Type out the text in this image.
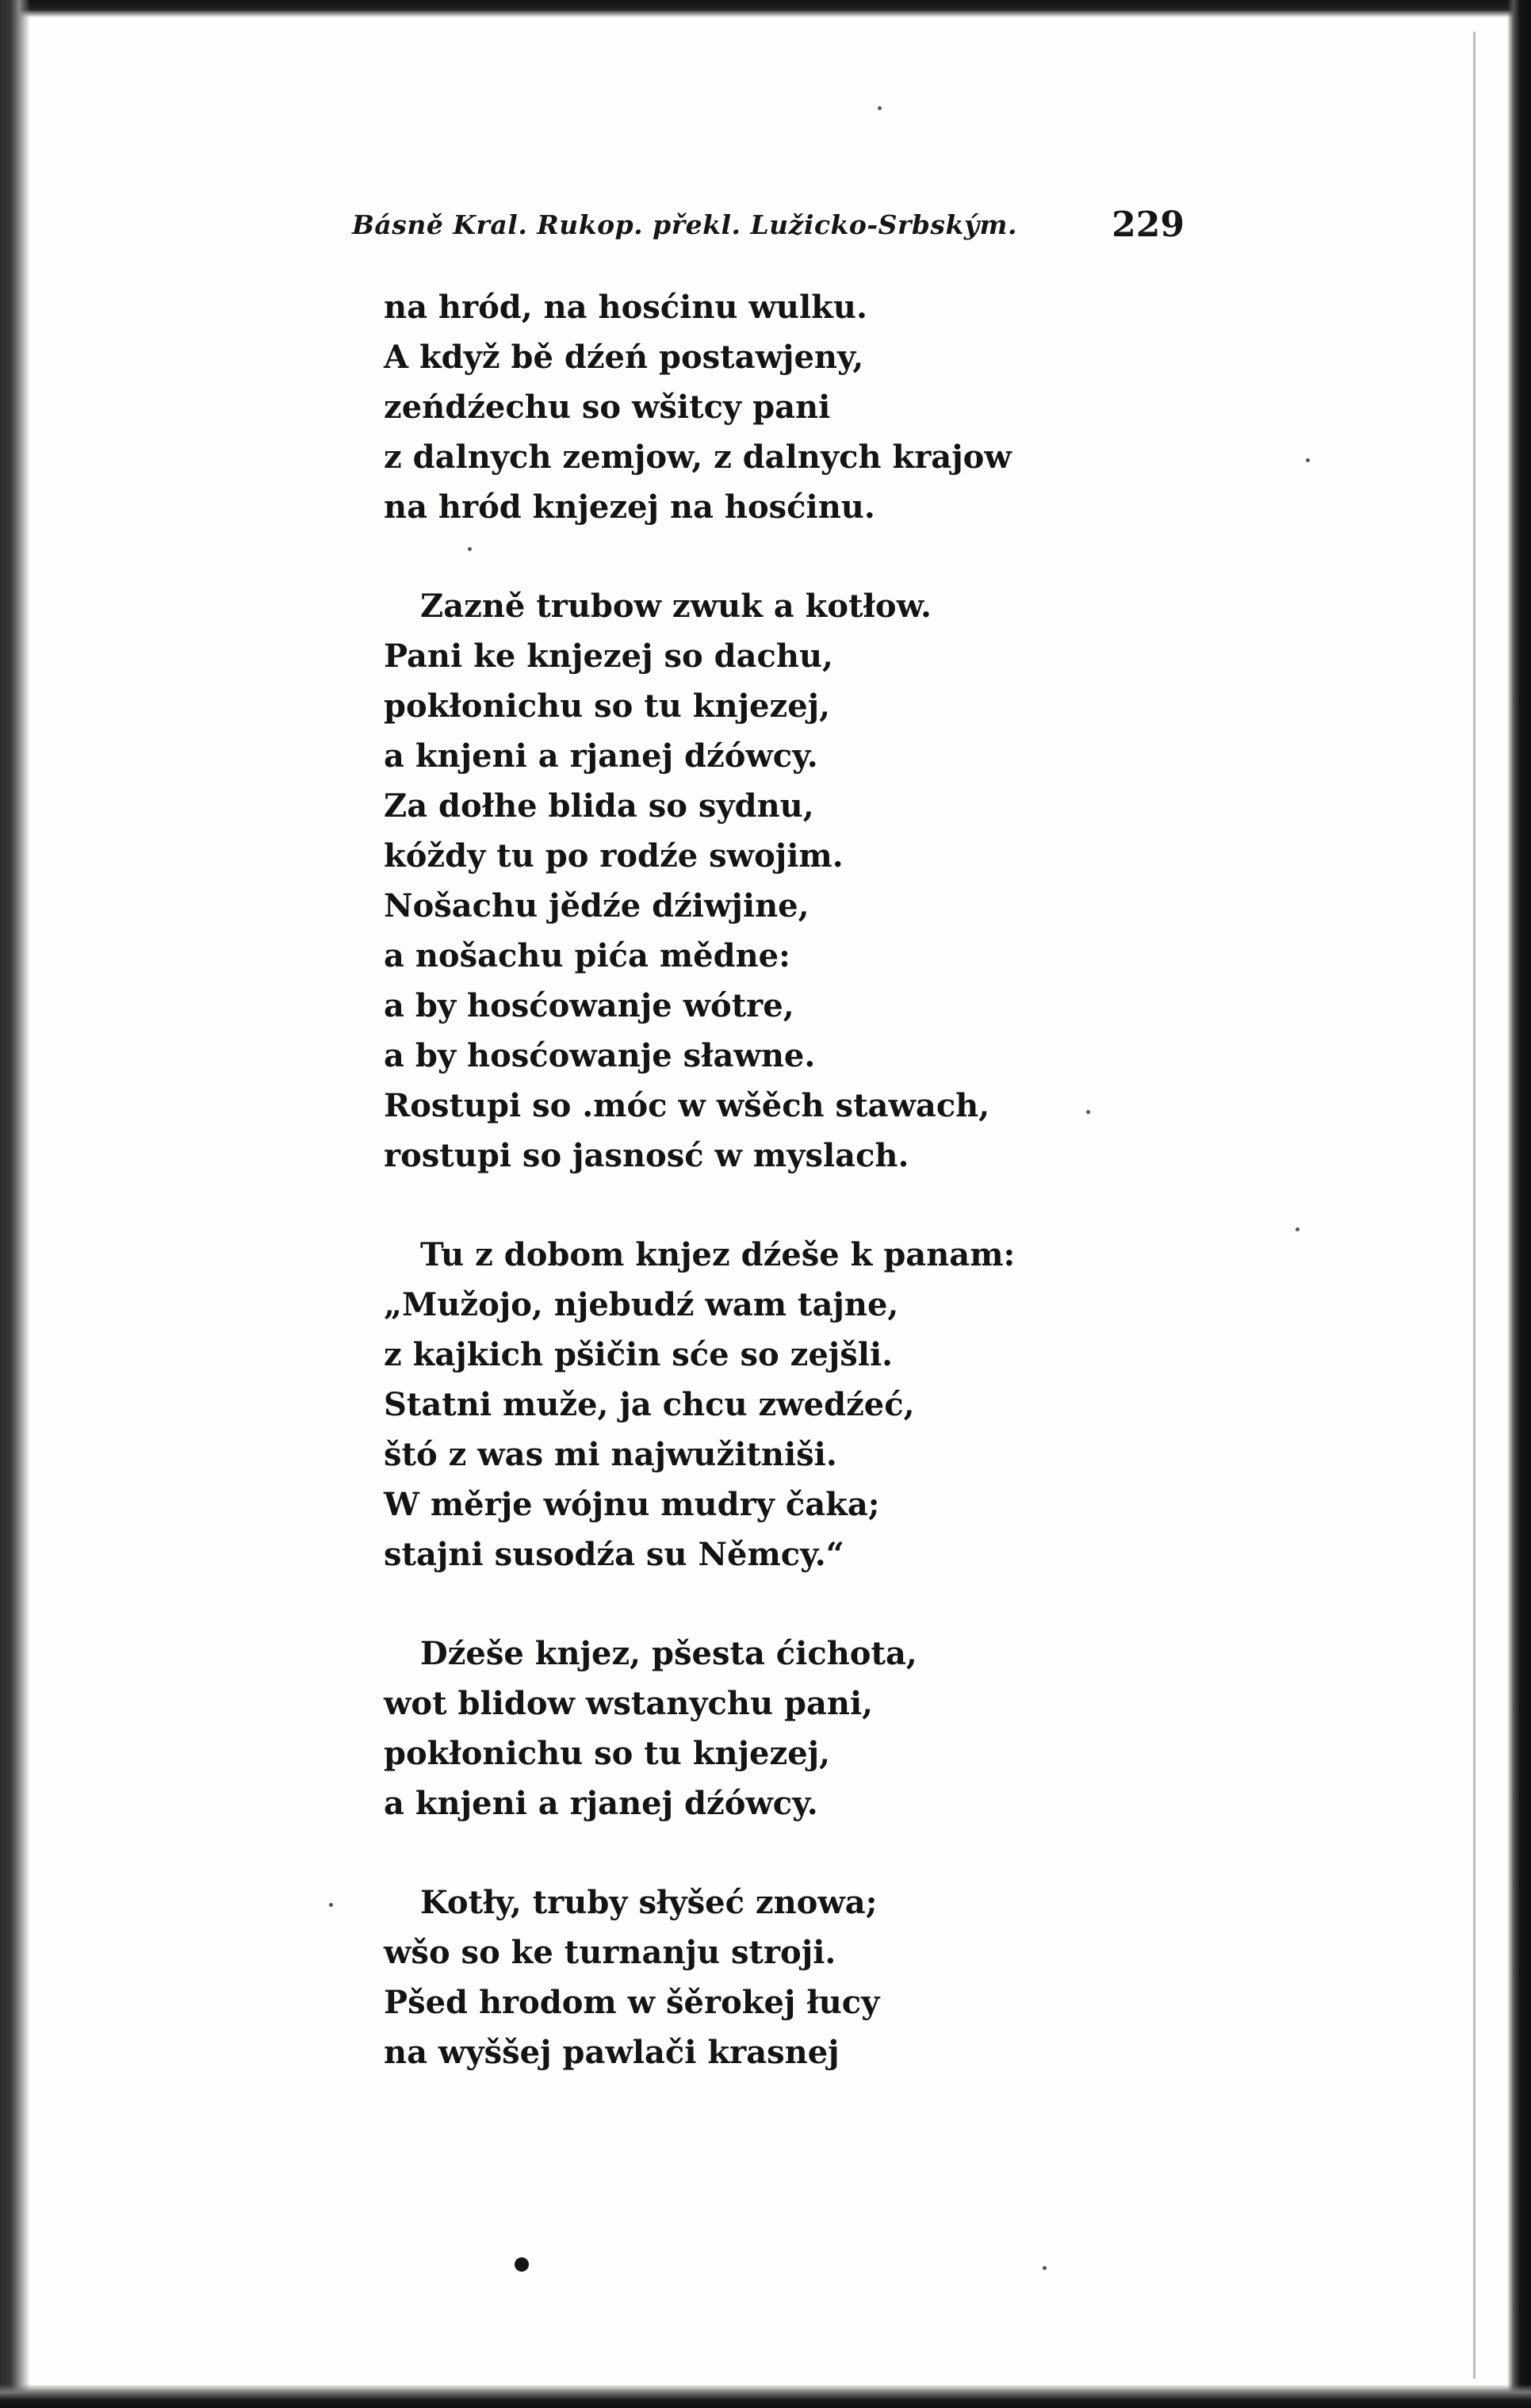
Básně Kral. Rukop. překl. Lužicko-Srbským.	229
na hród, na hosćinu wulku.
A když bě dźeń postawjeny,
zeńdźechu so wšitcy pani
z dalnych zemjow, z dalnych krajow
na hród knjezej na hosćinu.
Zazně trubow zwuk a kotłow.
Pani ke knjezej so dachu,
pokłonichu so tu knjezej,
a knjeni a rjanej dźówcy.
Za dołhe blida so sydnu,
kóždy tu po rodźe swojim.
Nošachu jědźe dźiwjine,
a nošachu pića mědne:
a by hosćowanje wótre,
a by hosćowanje sławne.
Rostupi so .móc w wšěch stawach,
rostupi so jasnosć w myslach.
Tu z dobom knjez dźeše k panam:
„Mužojo, njebudź wam tajne,
z kajkich pšičin sće so zejšli.
Statni muže, ja chcu zwedźeć,
štó z was mi najwužitniši.
W měrje wójnu mudry čaka;
stajni susodźa su Němcy.“
Dźeše knjez, pšesta ćichota,
wot blidow wstanychu pani,
pokłonichu so tu knjezej,
a knjeni a rjanej dźówcy.
Kotły, truby słyšeć znowa;
wšo so ke turnanju stroji.
Pšed hrodom w šěrokej łucy
na wyššej pawlači krasnej
